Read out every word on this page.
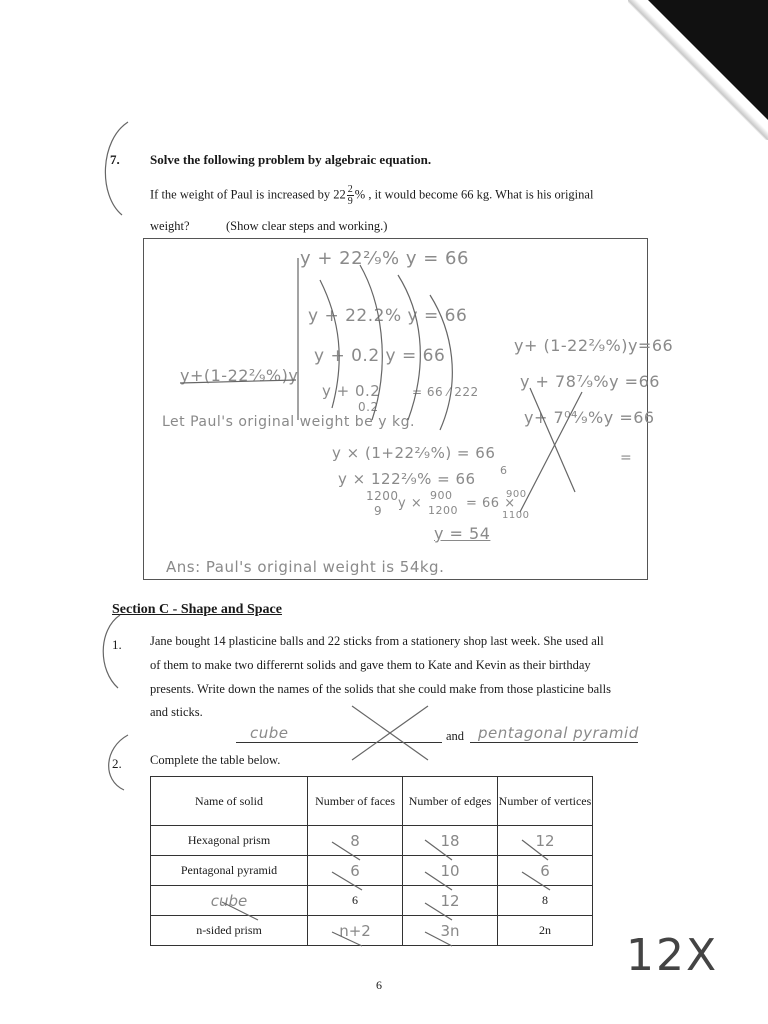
7. Solve the following problem by algebraic equation.
If the weight of Paul is increased by $22 \frac{2}{9}$ % , it would become 66 kg. What is his original
weight?	(Show clear steps and working.)
y + 22²⁄₉% y = 66
y + 22.2% y = 66
y + 0.2 y = 66
y + 0.2
0.2
= 66 ⁄ 222
y+(1-22²⁄₉%)y
y+ (1-22²⁄₉%)y=66
y + 78⁷⁄₉%y =66
y+ 7⁰⁴⁄₉%y =66
=
Let Paul's original weight be y kg.
y × (1+22²⁄₉%) = 66
y × 122²⁄₉% = 66 6
1200
9 y ×
900
1200 = 66 ×
900
1100
y = 54
Ans: Paul's original weight is 54kg.
Section C - Shape and Space
1. Jane bought 14 plasticine balls and 22 sticks from a stationery shop last week. She used all
of them to make two differernt solids and gave them to Kate and Kevin as their birthday
presents. Write down the names of the solids that she could make from those plasticine balls
and sticks.
cube	and pentagonal pyramid
2. Complete the table below.
Name of solid	Number of faces	Number of edges	Number of vertices
Hexagonal prism	8	18	12
Pentagonal pyramid	6	10	6
cube	6	12	8
n-sided prism	n+2	3n	2n 12X
6
